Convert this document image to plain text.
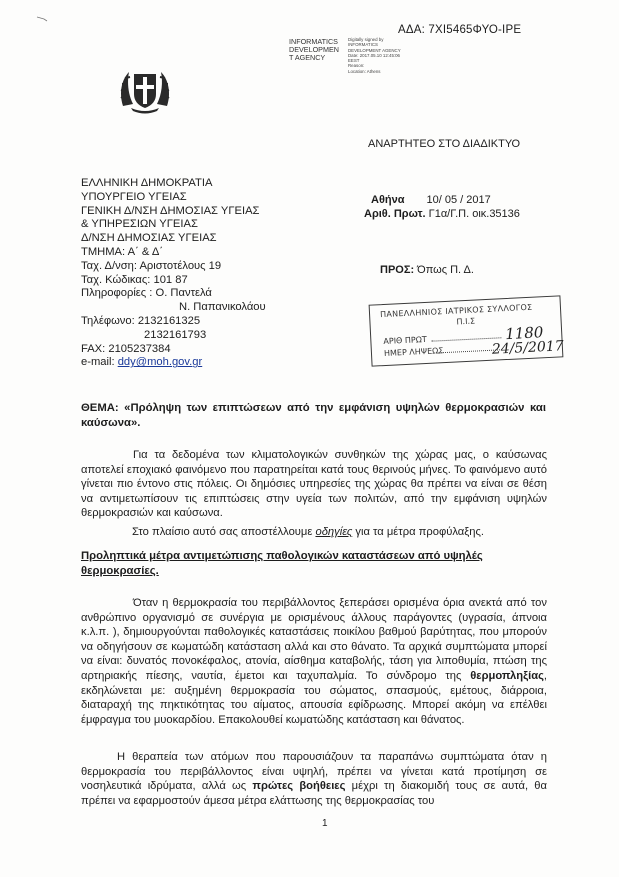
ΑΔΑ: 7ΧΙ5465ΦΥΟ-ΙΡΕ
INFORMATICS
DEVELOPMEN
T AGENCY
Digitally signed by
INFORMATICS
DEVELOPMENT AGENCY
Date: 2017.05.10 12:45:06
EEST
Reason:
Location: Athens
ΑΝΑΡΤΗΤΕΟ ΣΤΟ ΔΙΑΔΙΚΤΥΟ
ΕΛΛΗΝΙΚΗ ΔΗΜΟΚΡΑΤΙΑ
ΥΠΟΥΡΓΕΙΟ ΥΓΕΙΑΣ
ΓΕΝΙΚΗ Δ/ΝΣΗ ΔΗΜΟΣΙΑΣ ΥΓΕΙΑΣ
& ΥΠΗΡΕΣΙΩΝ ΥΓΕΙΑΣ
Δ/ΝΣΗ ΔΗΜΟΣΙΑΣ ΥΓΕΙΑΣ
ΤΜΗΜΑ: Α΄ & Δ΄
Ταχ. Δ/νση: Αριστοτέλους 19
Ταχ. Κώδικας: 101 87
Πληροφορίες : Ο. Παντελά
Ν. Παπανικολάου
Τηλέφωνο: 2132161325
2132161793
FAX: 2105237384
e-mail: ddy@moh.gov.gr
Αθήνα 10/ 05 / 2017
Αριθ. Πρωτ. Γ1α/Γ.Π. οικ.35136
ΠΡΟΣ: Όπως Π. Δ.
ΠΑΝΕΛΛΗΝΙΟΣ ΙΑΤΡΙΚΟΣ ΣΥΛΛΟΓΟΣ
Π.Ι.Σ
ΑΡΙΘ ΠΡΩΤ
ΗΜΕΡ ΛΗΨΕΩΣ
1180
24/5/2017
ΘΕΜΑ: «Πρόληψη των επιπτώσεων από την εμφάνιση υψηλών θερμοκρασιών και καύσωνα».
Για τα δεδομένα των κλιματολογικών συνθηκών της χώρας μας, ο καύσωνας αποτελεί εποχιακό φαινόμενο που παρατηρείται κατά τους θερινούς μήνες. Το φαινόμενο αυτό γίνεται πιο έντονο στις πόλεις. Οι δημόσιες υπηρεσίες της χώρας θα πρέπει να είναι σε θέση να αντιμετωπίσουν τις επιπτώσεις στην υγεία των πολιτών, από την εμφάνιση υψηλών θερμοκρασιών και καύσωνα.
Στο πλαίσιο αυτό σας αποστέλλουμε οδηγίες για τα μέτρα προφύλαξης.
Προληπτικά μέτρα αντιμετώπισης παθολογικών καταστάσεων από υψηλές θερμοκρασίες.
Όταν η θερμοκρασία του περιβάλλοντος ξεπεράσει ορισμένα όρια ανεκτά από τον ανθρώπινο οργανισμό σε συνέργια με ορισμένους άλλους παράγοντες (υγρασία, άπνοια κ.λ.π. ), δημιουργούνται παθολογικές καταστάσεις ποικίλου βαθμού βαρύτητας, που μπορούν να οδηγήσουν σε κωματώδη κατάσταση αλλά και στο θάνατο. Τα αρχικά συμπτώματα μπορεί να είναι: δυνατός πονοκέφαλος, ατονία, αίσθημα καταβολής, τάση για λιποθυμία, πτώση της αρτηριακής πίεσης, ναυτία, έμετοι και ταχυπαλμία. Το σύνδρομο της θερμοπληξίας, εκδηλώνεται με: αυξημένη θερμοκρασία του σώματος, σπασμούς, εμέτους, διάρροια, διαταραχή της πηκτικότητας του αίματος, απουσία εφίδρωσης. Μπορεί ακόμη να επέλθει έμφραγμα του μυοκαρδίου. Επακολουθεί κωματώδης κατάσταση και θάνατος.
Η θεραπεία των ατόμων που παρουσιάζουν τα παραπάνω συμπτώματα όταν η θερμοκρασία του περιβάλλοντος είναι υψηλή, πρέπει να γίνεται κατά προτίμηση σε νοσηλευτικά ιδρύματα, αλλά ως πρώτες βοήθειες μέχρι τη διακομιδή τους σε αυτά, θα πρέπει να εφαρμοστούν άμεσα μέτρα ελάττωσης της θερμοκρασίας του
1
